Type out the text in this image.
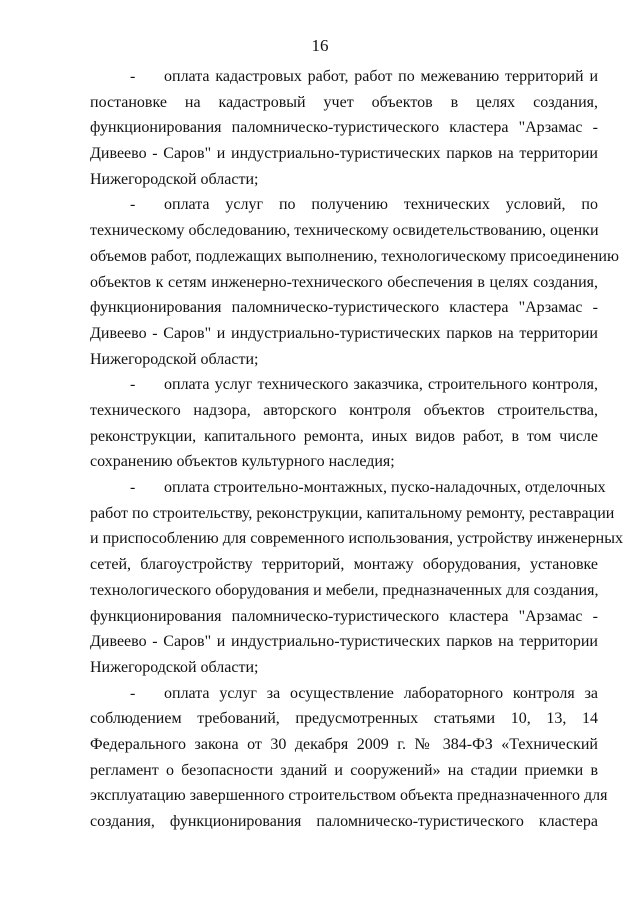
16
-	оплата кадастровых работ, работ по межеванию территорий и
постановке на кадастровый учет объектов в целях создания,
функционирования паломническо-туристического кластера "Арзамас -
Дивеево - Саров" и индустриально-туристических парков на территории
Нижегородской области;
-	оплата услуг по получению технических условий, по
техническому обследованию, техническому освидетельствованию, оценки
объемов работ, подлежащих выполнению, технологическому присоединению
объектов к сетям инженерно-технического обеспечения в целях создания,
функционирования паломническо-туристического кластера "Арзамас -
Дивеево - Саров" и индустриально-туристических парков на территории
Нижегородской области;
-	оплата услуг технического заказчика, строительного контроля,
технического надзора, авторского контроля объектов строительства,
реконструкции, капитального ремонта, иных видов работ, в том числе
сохранению объектов культурного наследия;
-	оплата строительно-монтажных, пуско-наладочных, отделочных
работ по строительству, реконструкции, капитальному ремонту, реставрации
и приспособлению для современного использования, устройству инженерных
сетей, благоустройству территорий, монтажу оборудования, установке
технологического оборудования и мебели, предназначенных для создания,
функционирования паломническо-туристического кластера "Арзамас -
Дивеево - Саров" и индустриально-туристических парков на территории
Нижегородской области;
-	оплата услуг за осуществление лабораторного контроля за
соблюдением требований, предусмотренных статьями 10, 13, 14
Федерального закона от 30 декабря 2009 г. № 384-ФЗ «Технический
регламент о безопасности зданий и сооружений» на стадии приемки в
эксплуатацию завершенного строительством объекта предназначенного для
создания, функционирования паломническо-туристического кластера
